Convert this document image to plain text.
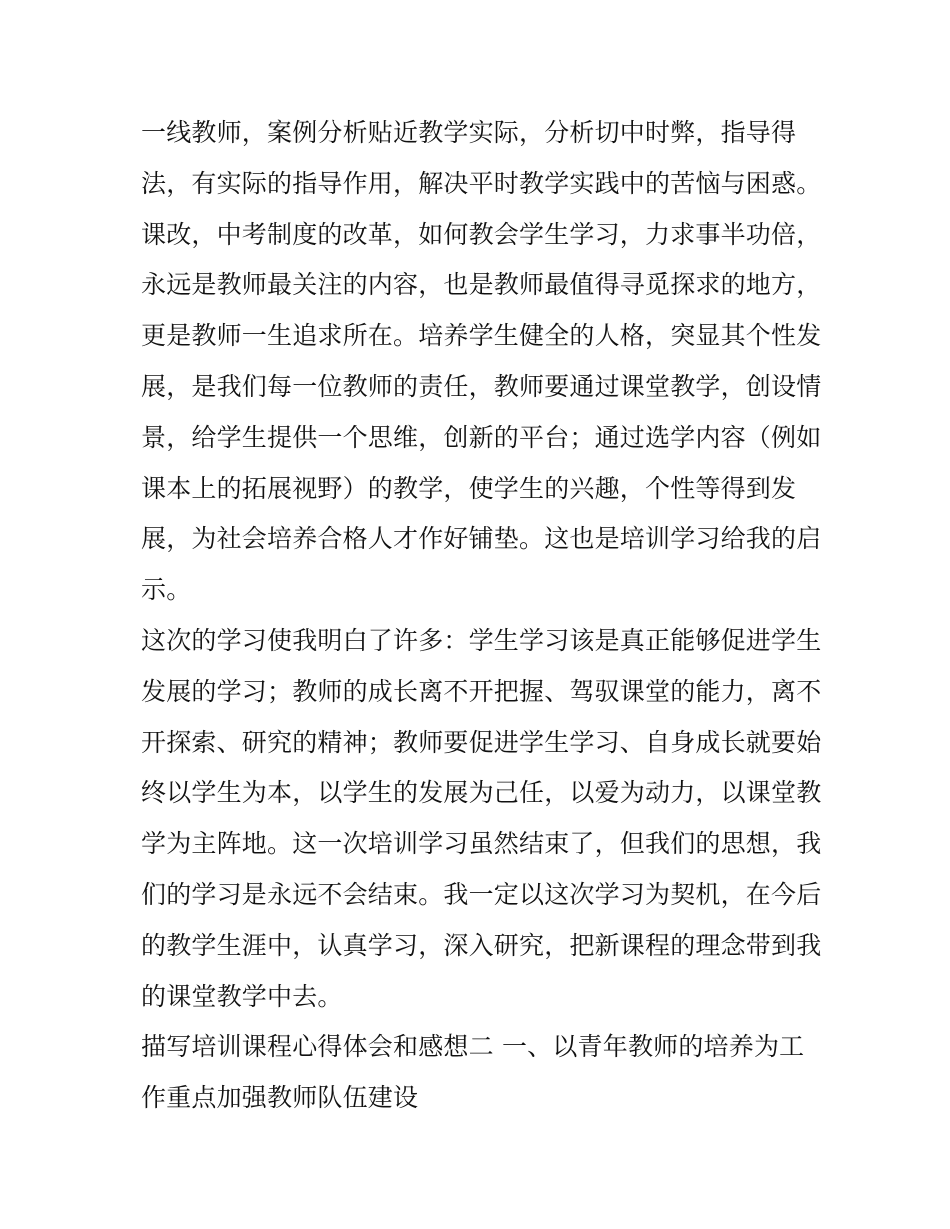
一线教师，案例分析贴近教学实际，分析切中时弊，指导得
法，有实际的指导作用，解决平时教学实践中的苦恼与困惑。
课改，中考制度的改革，如何教会学生学习，力求事半功倍，
永远是教师最关注的内容，也是教师最值得寻觅探求的地方，
更是教师一生追求所在。培养学生健全的人格，突显其个性发
展，是我们每一位教师的责任，教师要通过课堂教学，创设情
景，给学生提供一个思维，创新的平台；通过选学内容（例如
课本上的拓展视野）的教学，使学生的兴趣，个性等得到发
展，为社会培养合格人才作好铺垫。这也是培训学习给我的启
示。
这次的学习使我明白了许多：学生学习该是真正能够促进学生
发展的学习；教师的成长离不开把握、驾驭课堂的能力，离不
开探索、研究的精神；教师要促进学生学习、自身成长就要始
终以学生为本，以学生的发展为己任，以爱为动力，以课堂教
学为主阵地。这一次培训学习虽然结束了，但我们的思想，我
们的学习是永远不会结束。我一定以这次学习为契机，在今后
的教学生涯中，认真学习，深入研究，把新课程的理念带到我
的课堂教学中去。
描写培训课程心得体会和感想二 一、以青年教师的培养为工
作重点加强教师队伍建设
